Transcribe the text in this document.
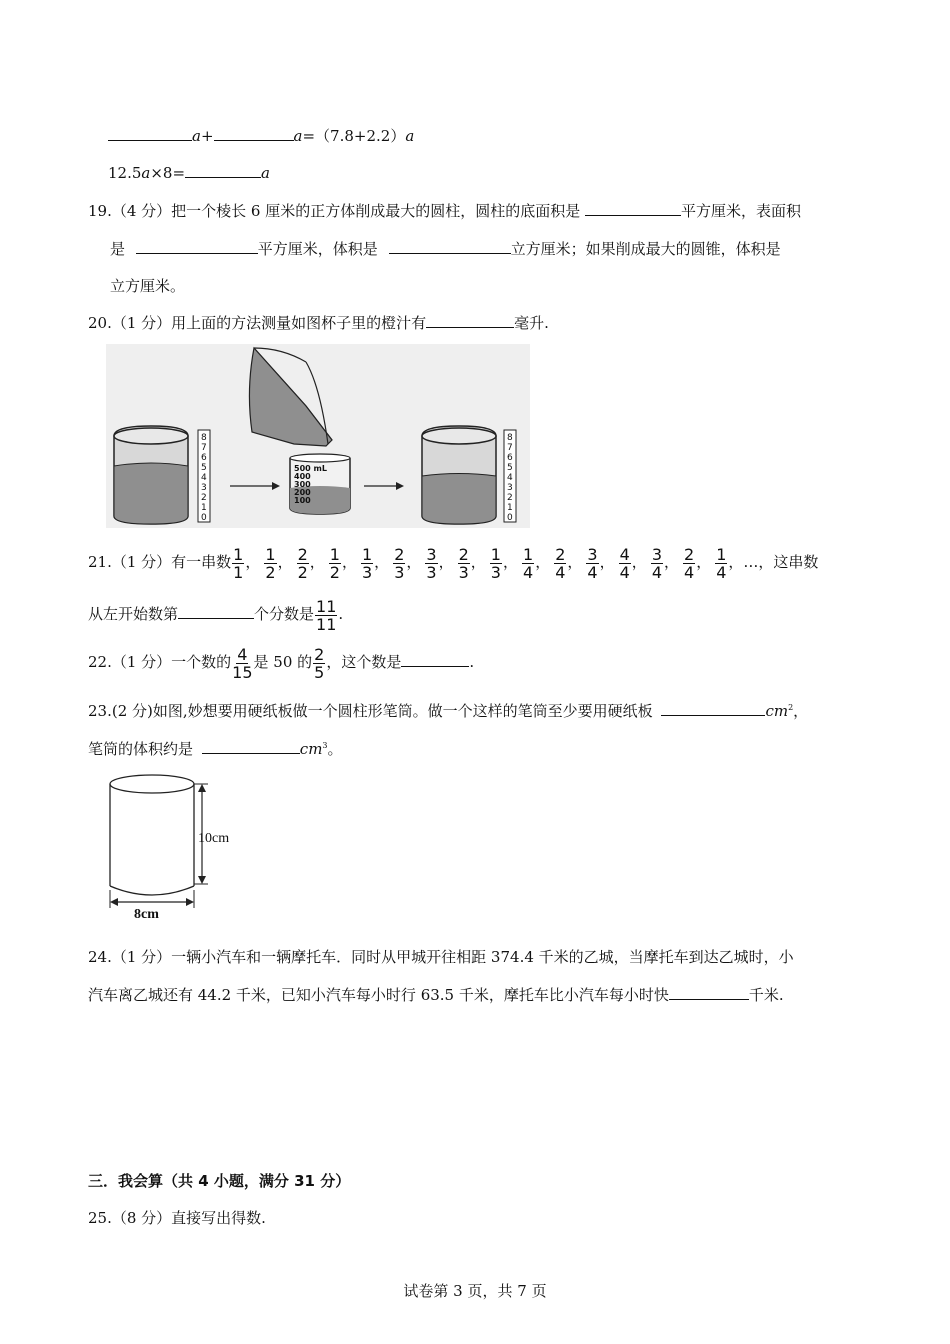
a+	a=（7.8+2.2）a
12.5a×8=	a
19.（4 分）把一个棱长 6 厘米的正方体削成最大的圆柱，圆柱的底面积是	平方厘米，表面积
是	平方厘米，体积是	立方厘米；如果削成最大的圆锥，体积是
立方厘米。
20.（1 分）用上面的方法测量如图杯子里的橙汁有	毫升.
8
7
6
5
4
3
2
1
0
500 mL
400
300
200
100
8
7
6
5
4
3
2
1
0
21.（1 分）有一串数 $\frac{1}{1}$ ， $\frac{1}{2}$ ， $\frac{2}{2}$ ， $\frac{1}{2}$ ， $\frac{1}{3}$ ， $\frac{2}{3}$ ， $\frac{3}{3}$ ， $\frac{2}{3}$ ， $\frac{1}{3}$ ， $\frac{1}{4}$ ， $\frac{2}{4}$ ， $\frac{3}{4}$ ， $\frac{4}{4}$ ， $\frac{3}{4}$ ， $\frac{2}{4}$ ， $\frac{1}{4}$ ，…，这串数
从左开始数第	个分数是 $\frac{11}{11}$ .
22.（1 分）一个数的 $\frac{4}{15}$ 是 50 的 $\frac{2}{5}$ ，这个数是	.
23.(2 分)如图,妙想要用硬纸板做一个圆柱形笔筒。做一个这样的笔筒至少要用硬纸板	$cm^2$，
笔筒的体积约是	$cm^3$。
10cm
8cm
24.（1 分）一辆小汽车和一辆摩托车．同时从甲城开往相距 374.4 千米的乙城，当摩托车到达乙城时，小
汽车离乙城还有 44.2 千米，已知小汽车每小时行 63.5 千米，摩托车比小汽车每小时快	千米.
三．我会算（共 4 小题，满分 31 分）
25.（8 分）直接写出得数.
试卷第 3 页，共 7 页
